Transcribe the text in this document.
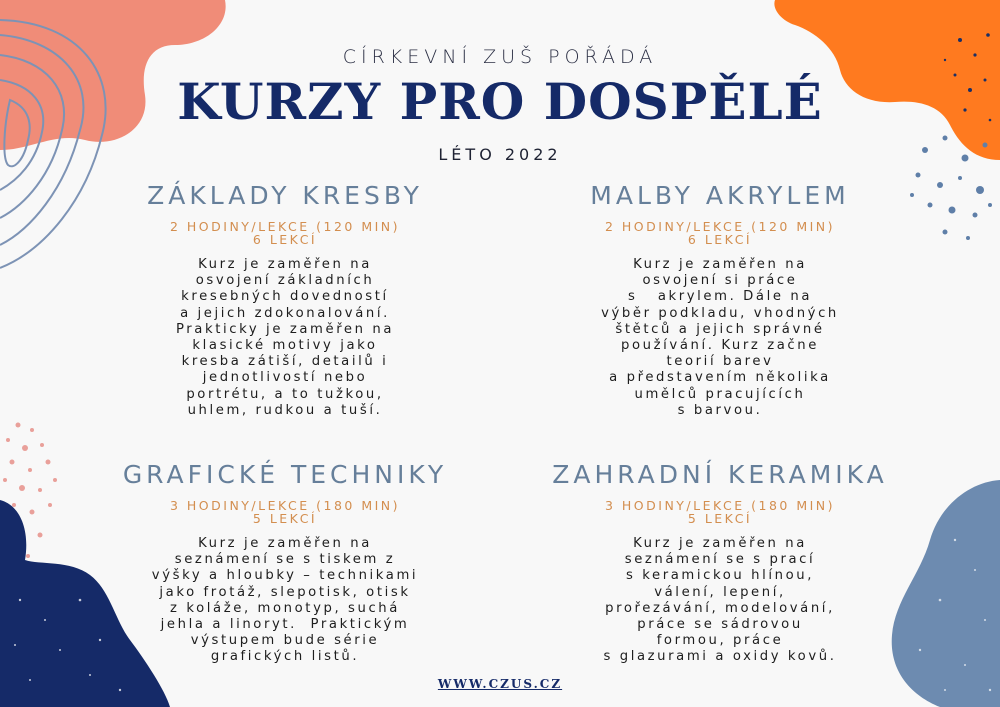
CÍRKEVNÍ ZUŠ POŘÁDÁ
KURZY PRO DOSPĚLÉ
LÉTO 2022
ZÁKLADY KRESBY
2 HODINY/LEKCE (120 MIN)
6 LEKCÍ
Kurz je zaměřen na
osvojení základních
kresebných dovedností
a jejich zdokonalování.
Prakticky je zaměřen na
klasické motivy jako
kresba zátiší, detailů i
jednotlivostí nebo
portrétu, a to tužkou,
uhlem, rudkou a tuší.
MALBY AKRYLEM
2 HODINY/LEKCE (120 MIN)
6 LEKCÍ
Kurz je zaměřen na
osvojení si práce
s   akrylem. Dále na
výběr podkladu, vhodných
štětců a jejich správné
používání. Kurz začne
teorií barev
a představením několika
umělců pracujících
s barvou.
GRAFICKÉ TECHNIKY
3 HODINY/LEKCE (180 MIN)
5 LEKCÍ
Kurz je zaměřen na
seznámení se s tiskem z
výšky a hloubky – technikami
jako frotáž, slepotisk, otisk
z koláže, monotyp, suchá
jehla a linoryt.  Praktickým
výstupem bude série
grafických listů.
ZAHRADNÍ KERAMIKA
3 HODINY/LEKCE (180 MIN)
5 LEKCÍ
Kurz je zaměřen na
seznámení se s prací
s keramickou hlínou,
válení, lepení,
prořezávání, modelování,
práce se sádrovou
formou, práce
s glazurami a oxidy kovů.
WWW.CZUS.CZ
